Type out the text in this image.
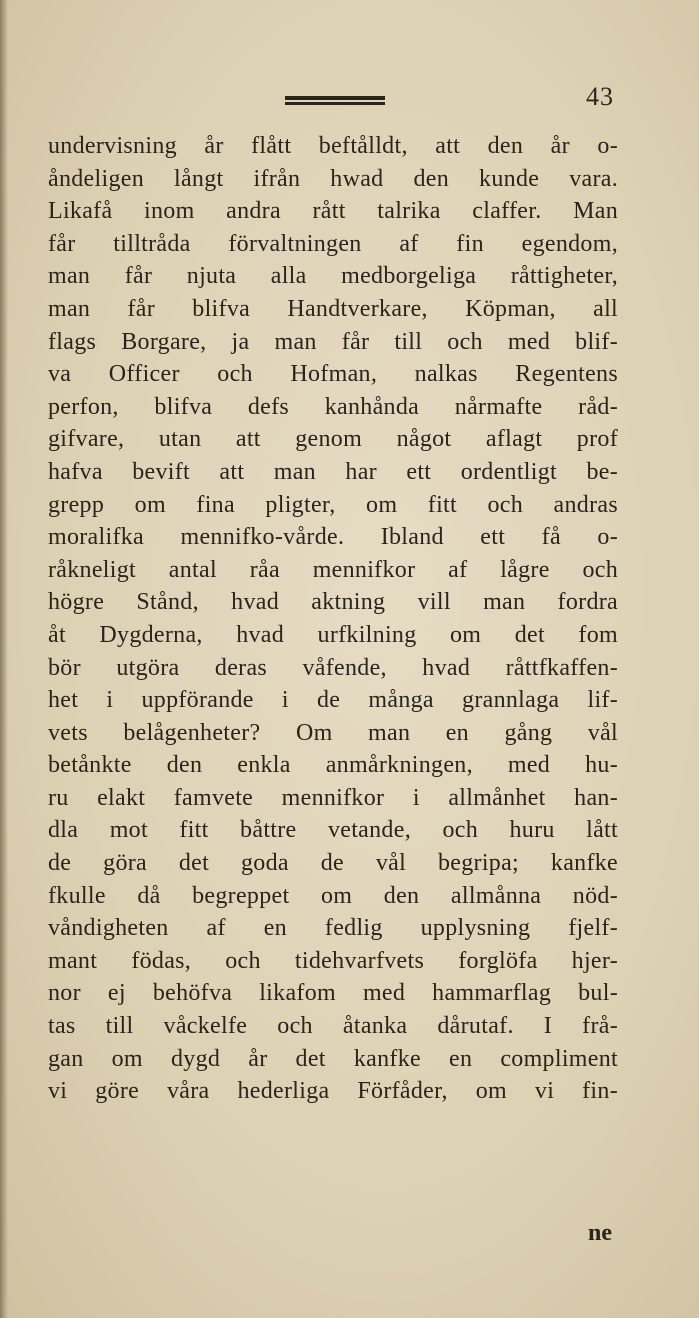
43
undervisning år flått beftålldt, att den år o-
åndeligen långt ifrån hwad den kunde vara.
Likafå inom andra rått talrika claffer. Man
får tilltråda förvaltningen af fin egendom,
man får njuta alla medborgeliga råttigheter,
man får blifva Handtverkare, Köpman, all
flags Borgare, ja man får till och med blif-
va Officer och Hofman, nalkas Regentens
perfon, blifva defs kanhånda nårmafte råd-
gifvare, utan att genom något aflagt prof
hafva bevift att man har ett ordentligt be-
grepp om fina pligter, om fitt och andras
moralifka mennifko-vårde. Ibland ett få o-
råkneligt antal råa mennifkor af lågre och
högre Stånd, hvad aktning vill man fordra
åt Dygderna, hvad urfkilning om det fom
bör utgöra deras våfende, hvad råttfkaffen-
het i uppförande i de många grannlaga lif-
vets belågenheter? Om man en gång vål
betånkte den enkla anmårkningen, med hu-
ru elakt famvete mennifkor i allmånhet han-
dla mot fitt båttre vetande, och huru lått
de göra det goda de vål begripa; kanfke
fkulle då begreppet om den allmånna nöd-
våndigheten af en fedlig upplysning fjelf-
mant födas, och tidehvarfvets forglöfa hjer-
nor ej behöfva likafom med hammarflag bul-
tas till våckelfe och åtanka dårutaf. I frå-
gan om dygd år det kanfke en compliment
vi göre våra hederliga Förfåder, om vi fin-
ne
